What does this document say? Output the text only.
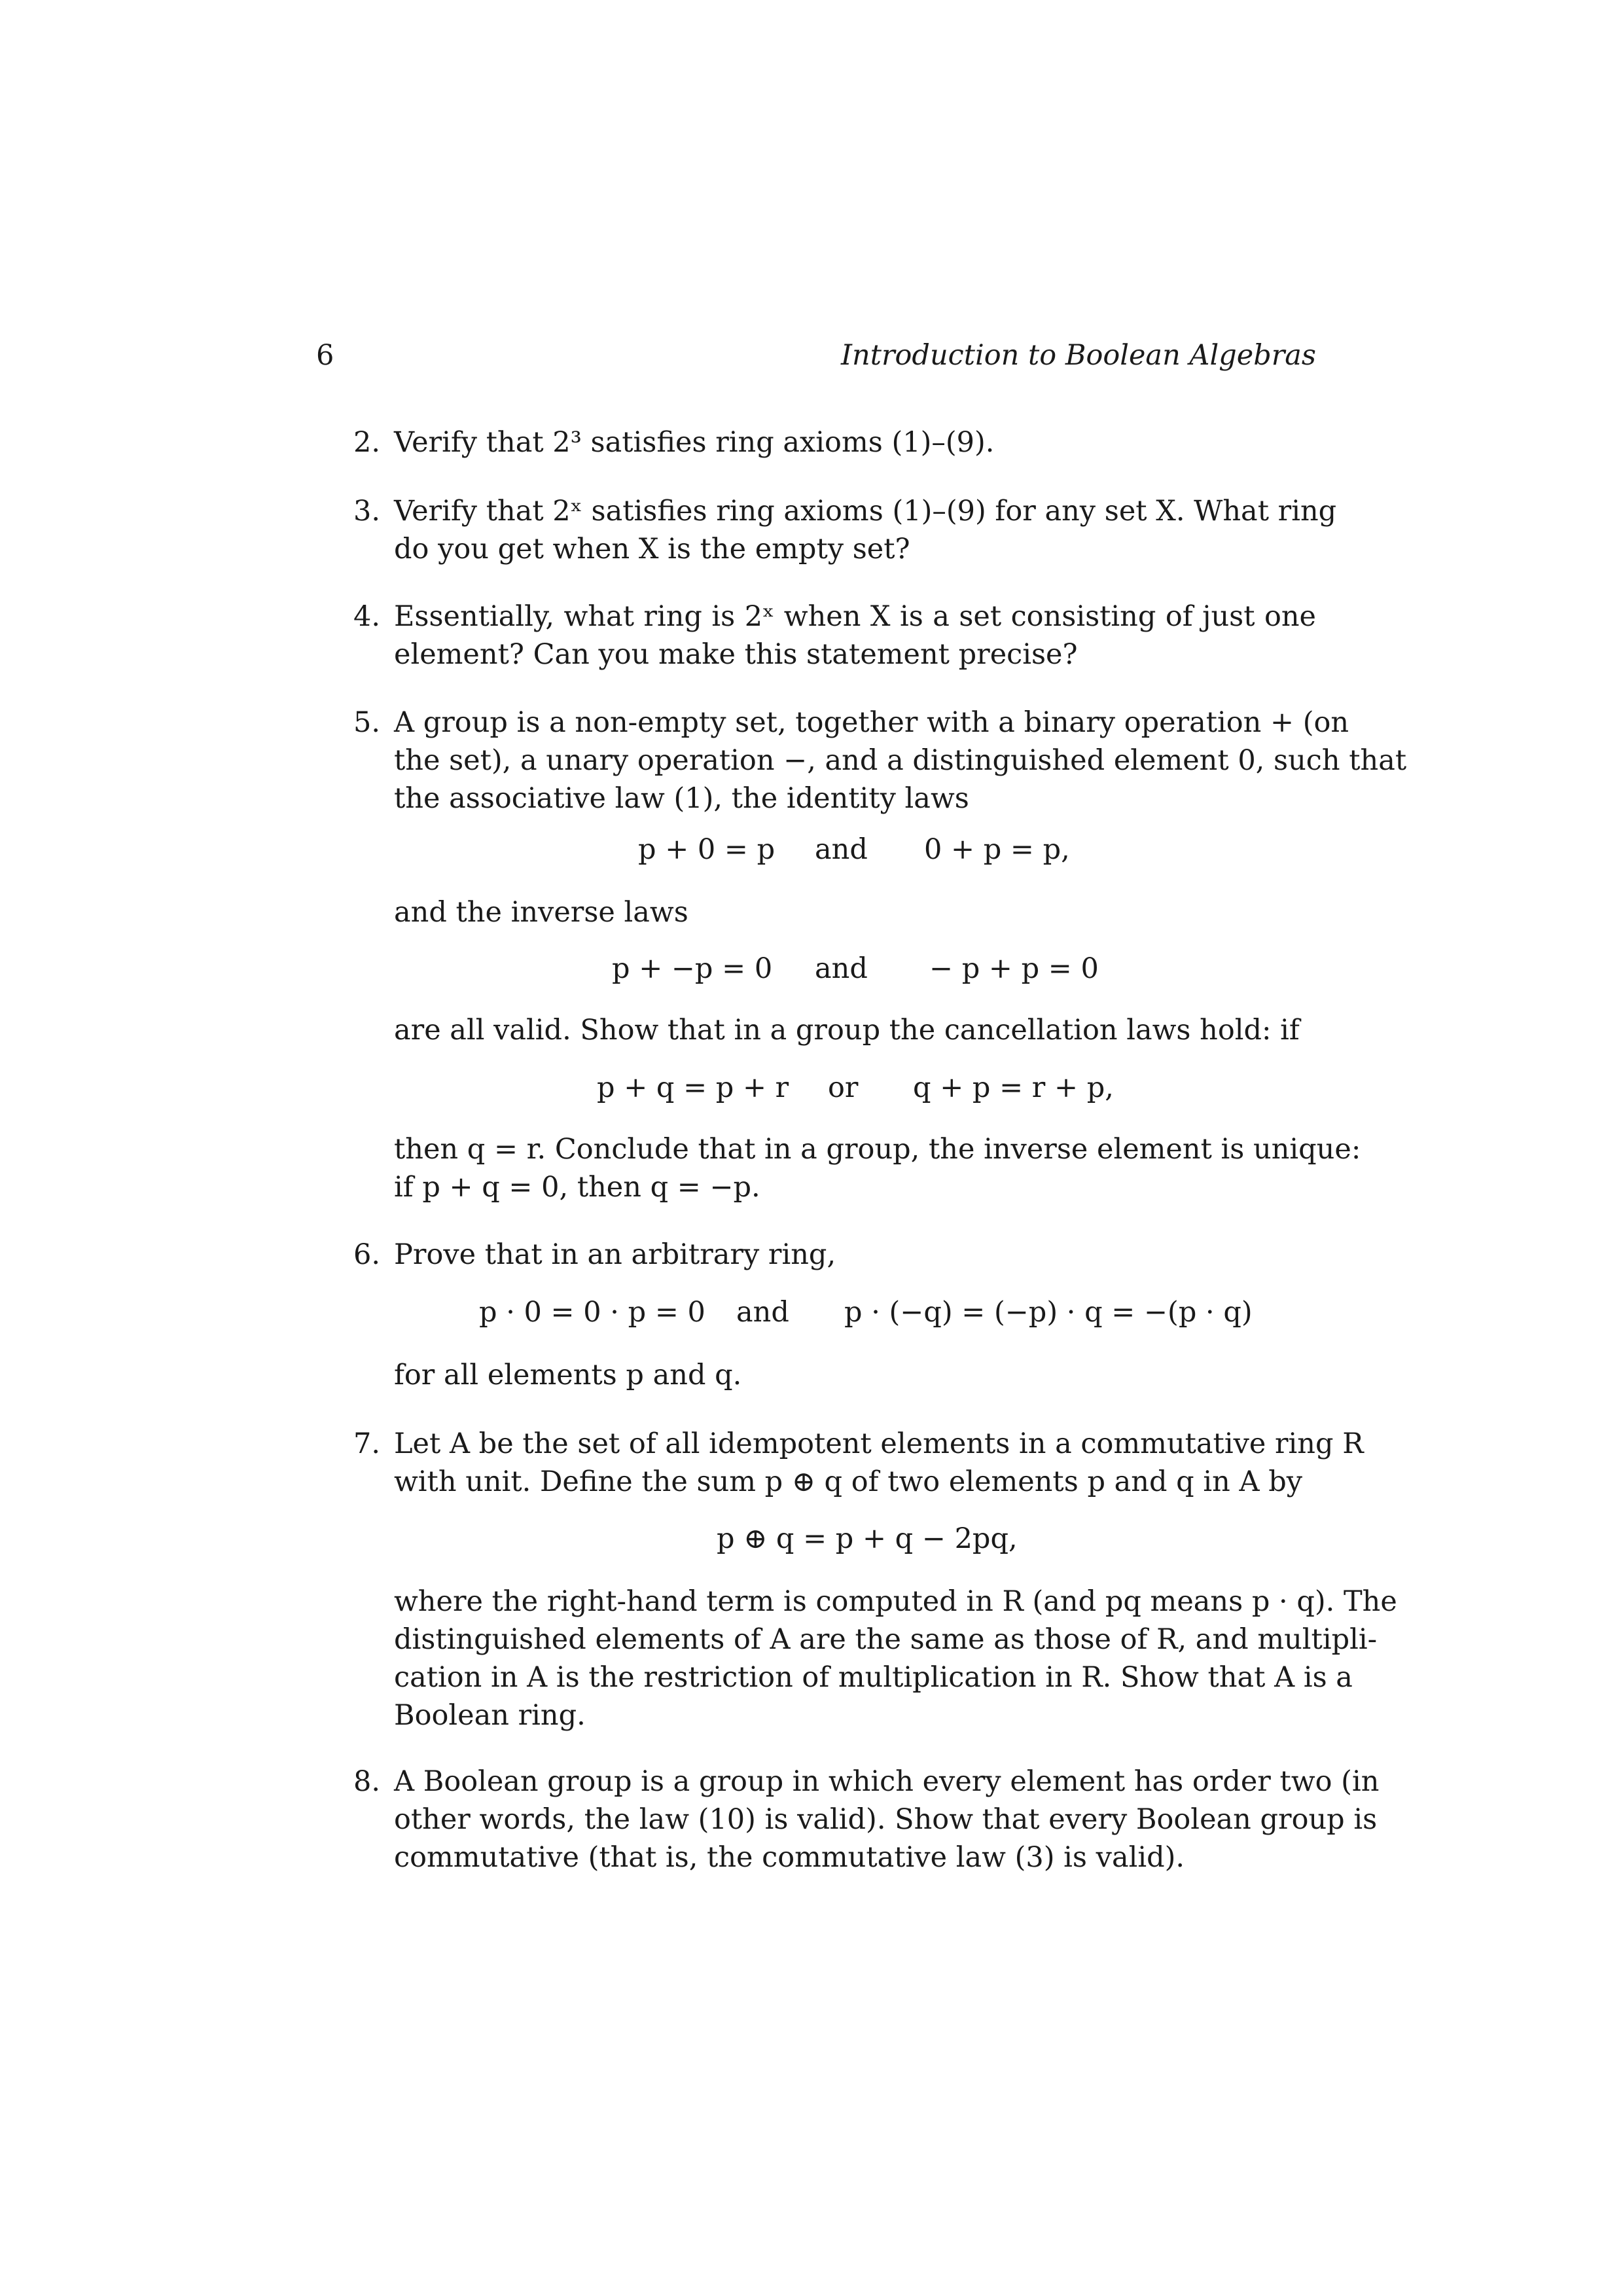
6	Introduction to Boolean Algebras
2. Verify that 2³ satisfies ring axioms (1)–(9).
3. Verify that 2ˣ satisfies ring axioms (1)–(9) for any set X. What ring
do you get when X is the empty set?
4. Essentially, what ring is 2ˣ when X is a set consisting of just one
element? Can you make this statement precise?
5. A group is a non-empty set, together with a binary operation + (on
the set), a unary operation −, and a distinguished element 0, such that
the associative law (1), the identity laws
p + 0 = p and 0 + p = p,
and the inverse laws
p + −p = 0 and − p + p = 0
are all valid. Show that in a group the cancellation laws hold: if
p + q = p + r or q + p = r + p,
then q = r. Conclude that in a group, the inverse element is unique:
if p + q = 0, then q = −p.
6. Prove that in an arbitrary ring,
p · 0 = 0 · p = 0 and p · (−q) = (−p) · q = −(p · q)
for all elements p and q.
7. Let A be the set of all idempotent elements in a commutative ring R
with unit. Define the sum p ⊕ q of two elements p and q in A by
p ⊕ q = p + q − 2pq,
where the right-hand term is computed in R (and pq means p · q). The
distinguished elements of A are the same as those of R, and multipli-
cation in A is the restriction of multiplication in R. Show that A is a
Boolean ring.
8. A Boolean group is a group in which every element has order two (in
other words, the law (10) is valid). Show that every Boolean group is
commutative (that is, the commutative law (3) is valid).
